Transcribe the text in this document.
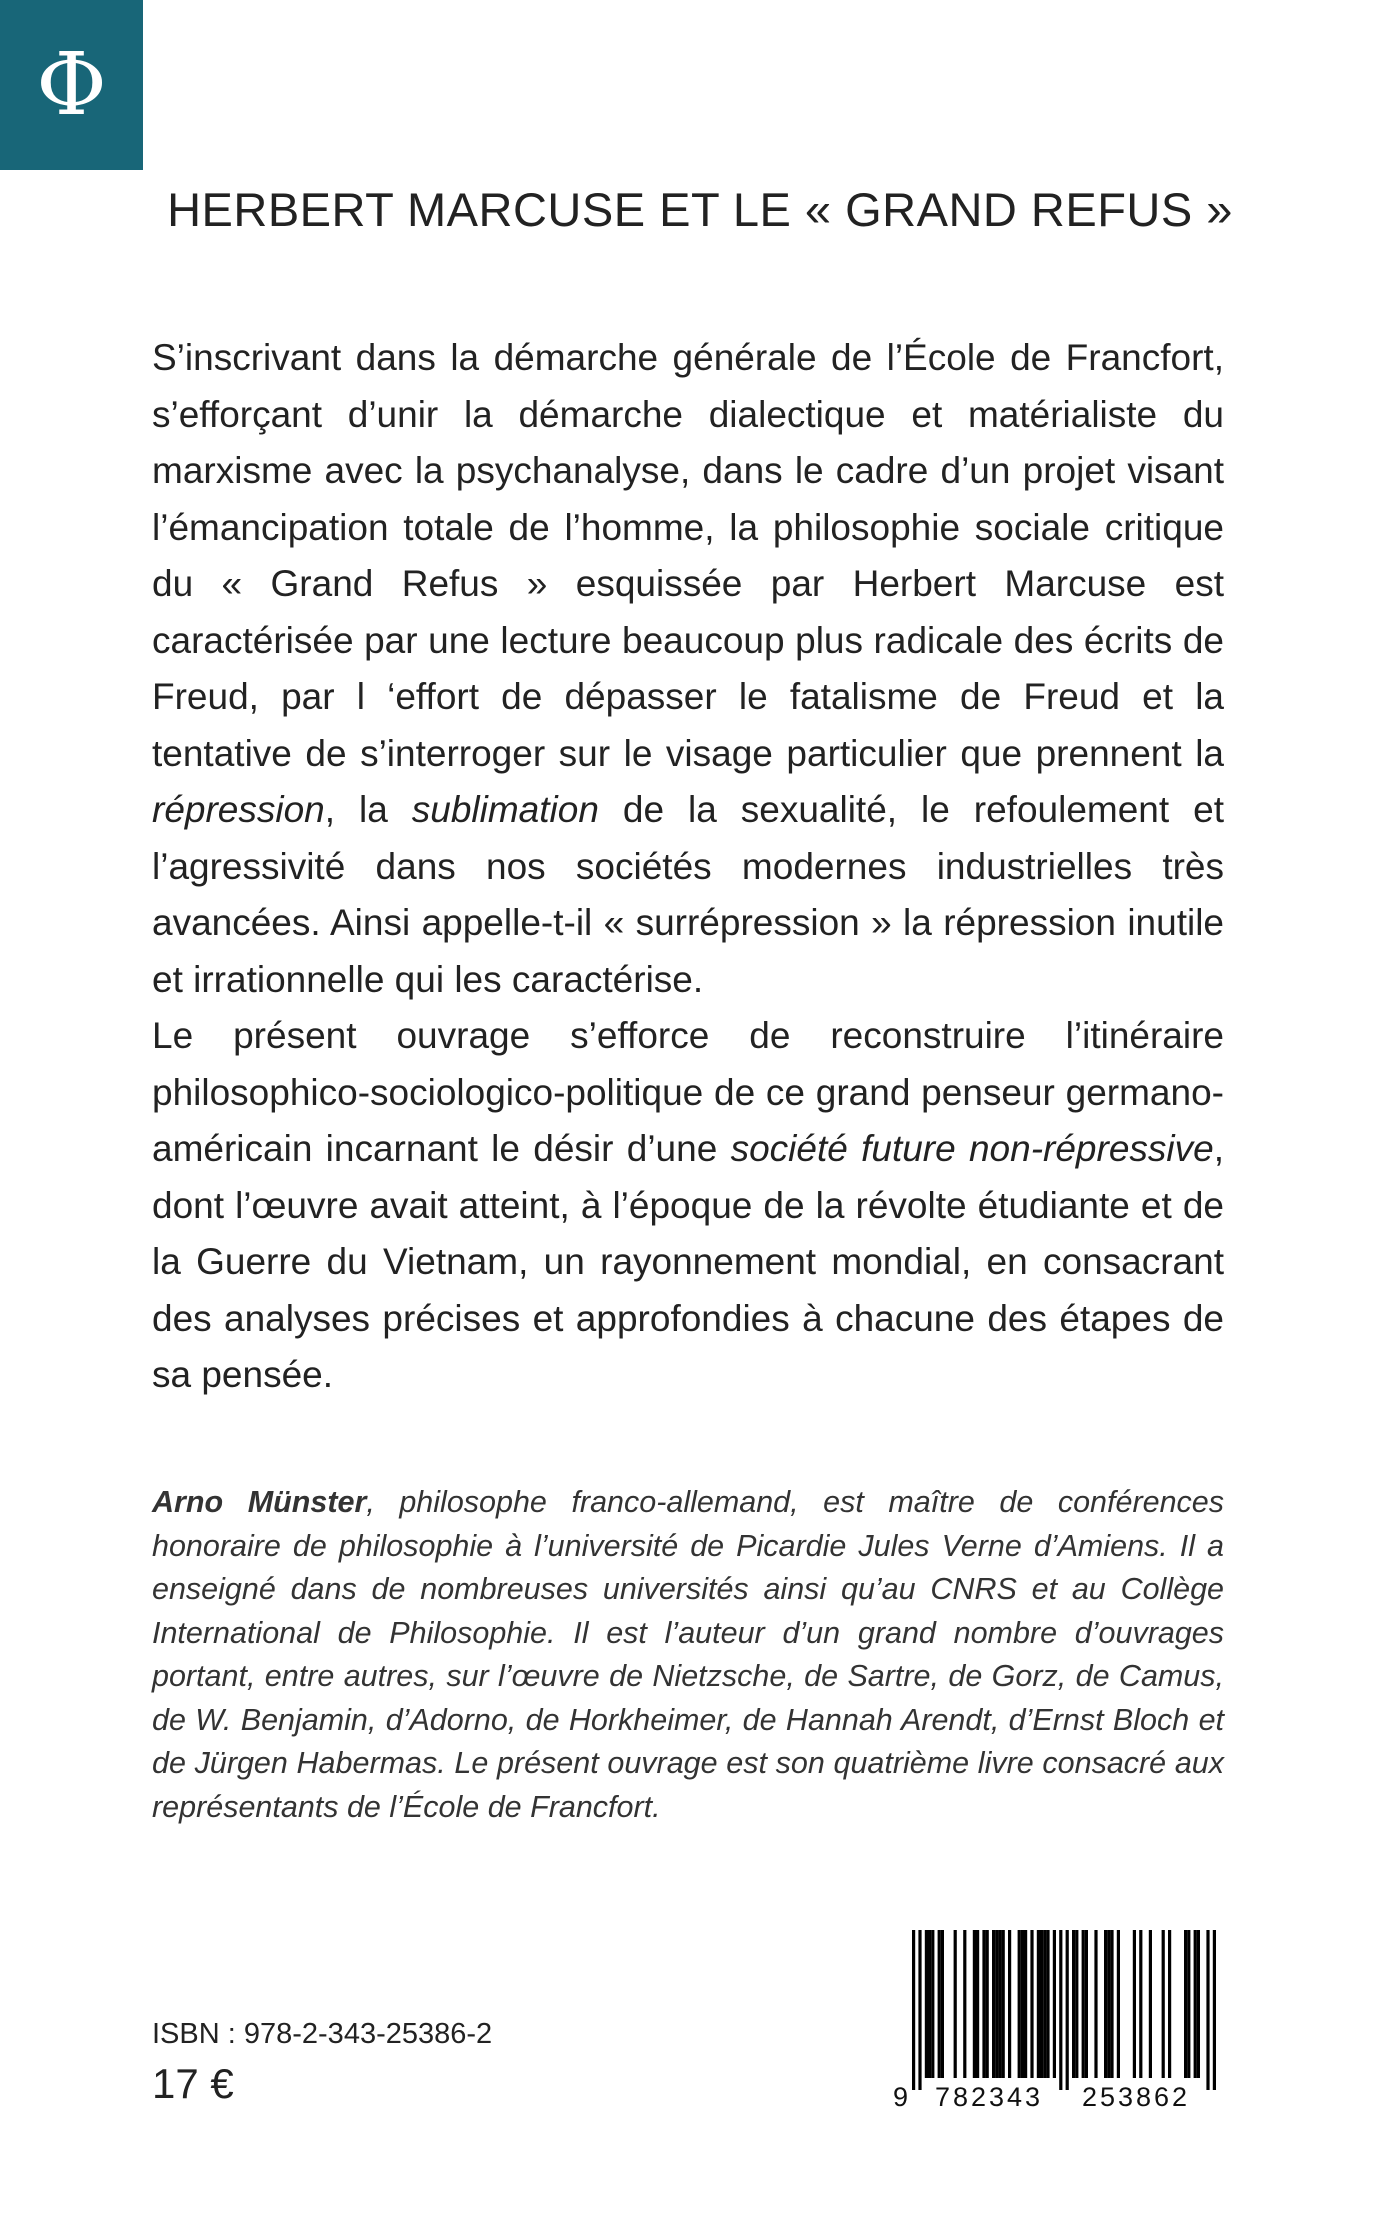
Φ
HERBERT MARCUSE ET LE « GRAND REFUS »

S’inscrivant dans la démarche générale de l’École de Francfort, s’efforçant d’unir la démarche dialectique et matérialiste du marxisme avec la psychanalyse, dans le cadre d’un projet visant l’émancipation totale de l’homme, la philosophie sociale critique du « Grand Refus » esquissée par Herbert Marcuse est caractérisée par une lecture beaucoup plus radicale des écrits de Freud, par l ‘effort de dépasser le fatalisme de Freud et la tentative de s’interroger sur le visage particulier que prennent la répression, la sublimation de la sexualité, le refoulement et l’agressivité dans nos sociétés modernes industrielles très avancées. Ainsi appelle-t-il « surrépression » la répression inutile et irrationnelle qui les caractérise.

Le présent ouvrage s’efforce de reconstruire l’itinéraire philosophico-sociologico-politique de ce grand penseur germano-américain incarnant le désir d’une société future non-répressive, dont l’œuvre avait atteint, à l’époque de la révolte étudiante et de la Guerre du Vietnam, un rayonnement mondial, en consacrant des analyses précises et approfondies à chacune des étapes de sa pensée.

Arno Münster, philosophe franco-allemand, est maître de conférences honoraire de philosophie à l’université de Picardie Jules Verne d’Amiens. Il a enseigné dans de nombreuses universités ainsi qu’au CNRS et au Collège International de Philosophie. Il est l’auteur d’un grand nombre d’ouvrages portant, entre autres, sur l’œuvre de Nietzsche, de Sartre, de Gorz, de Camus, de W. Benjamin, d’Adorno, de Horkheimer, de Hannah Arendt, d’Ernst Bloch et de Jürgen Habermas. Le présent ouvrage est son quatrième livre consacré aux représentants de l’École de Francfort.
ISBN : 978-2-343-25386-2
17 €	9 782343 253862
